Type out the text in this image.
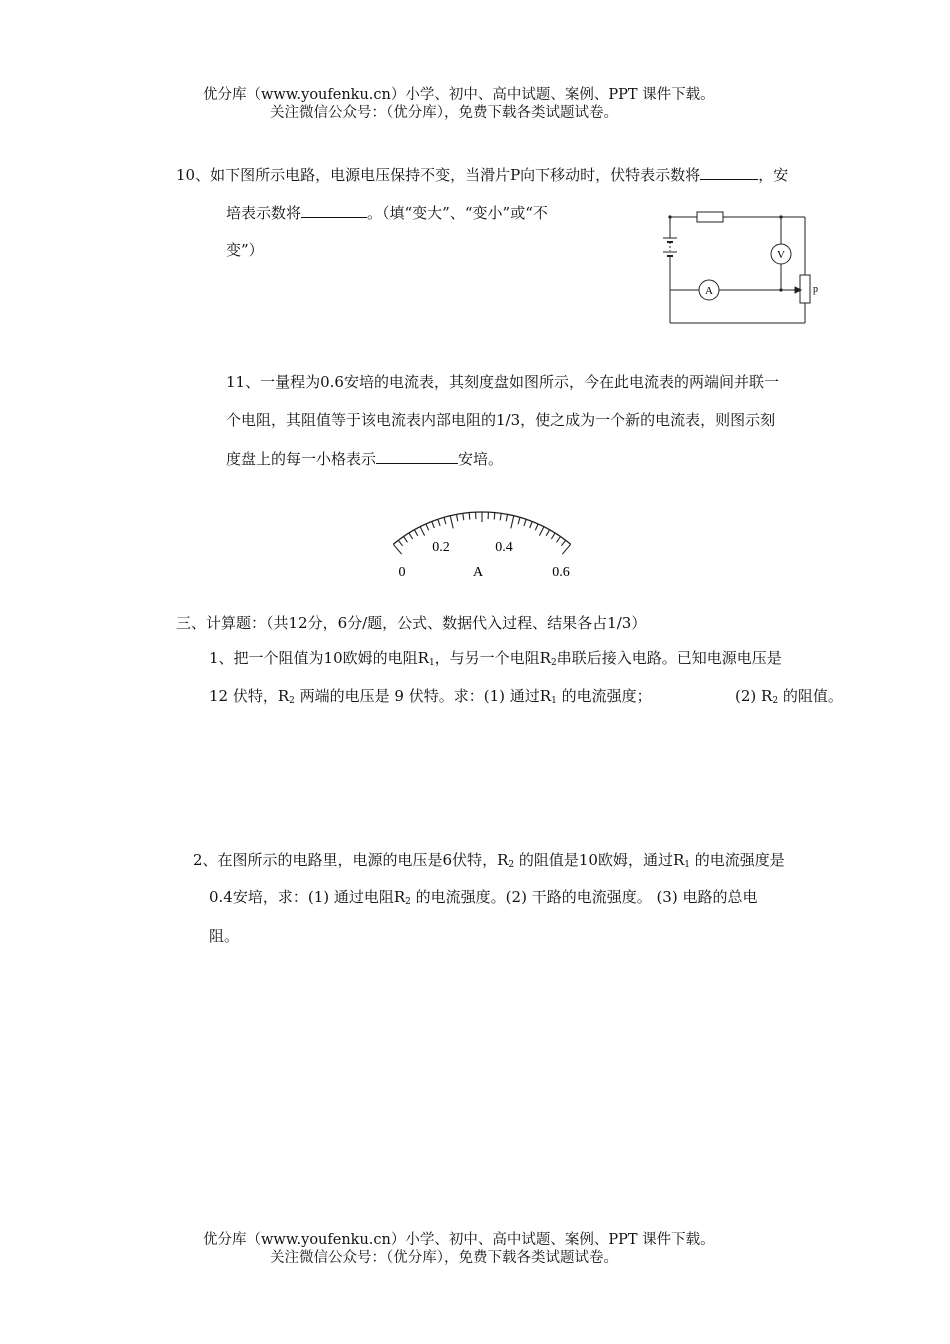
优分库（www.youfenku.cn）小学、初中、高中试题、案例、PPT 课件下载。
关注微信公众号：（优分库），免费下载各类试题试卷。
10、如下图所示电路，电源电压保持不变，当滑片P向下移动时，伏特表示数将	，安
培表示数将	。（填“变大”、“变小”或“不
变”）	V
A	p
11、一量程为0.6安培的电流表，其刻度盘如图所示，今在此电流表的两端间并联一
个电阻，其阻值等于该电流表内部电阻的1/3，使之成为一个新的电流表，则图示刻
度盘上的每一小格表示	安培。
0
0.2	0.4
0.6
A
三、计算题：（共12分，6分/题，公式、数据代入过程、结果各占1/3）
1、把一个阻值为10欧姆的电阻$R_1$，与另一个电阻$R_2$串联后接入电路。已知电源电压是
12 伏特，$R_2$ 两端的电压是 9 伏特。求：(1) 通过$R_1$ 的电流强度；	(2) $R_2$ 的阻值。
2、在图所示的电路里，电源的电压是6伏特，$R_2$ 的阻值是10欧姆，通过$R_1$ 的电流强度是
0.4安培，求：(1) 通过电阻$R_2$ 的电流强度。(2) 干路的电流强度。 (3) 电路的总电
阻。
优分库（www.youfenku.cn）小学、初中、高中试题、案例、PPT 课件下载。
关注微信公众号：（优分库），免费下载各类试题试卷。
